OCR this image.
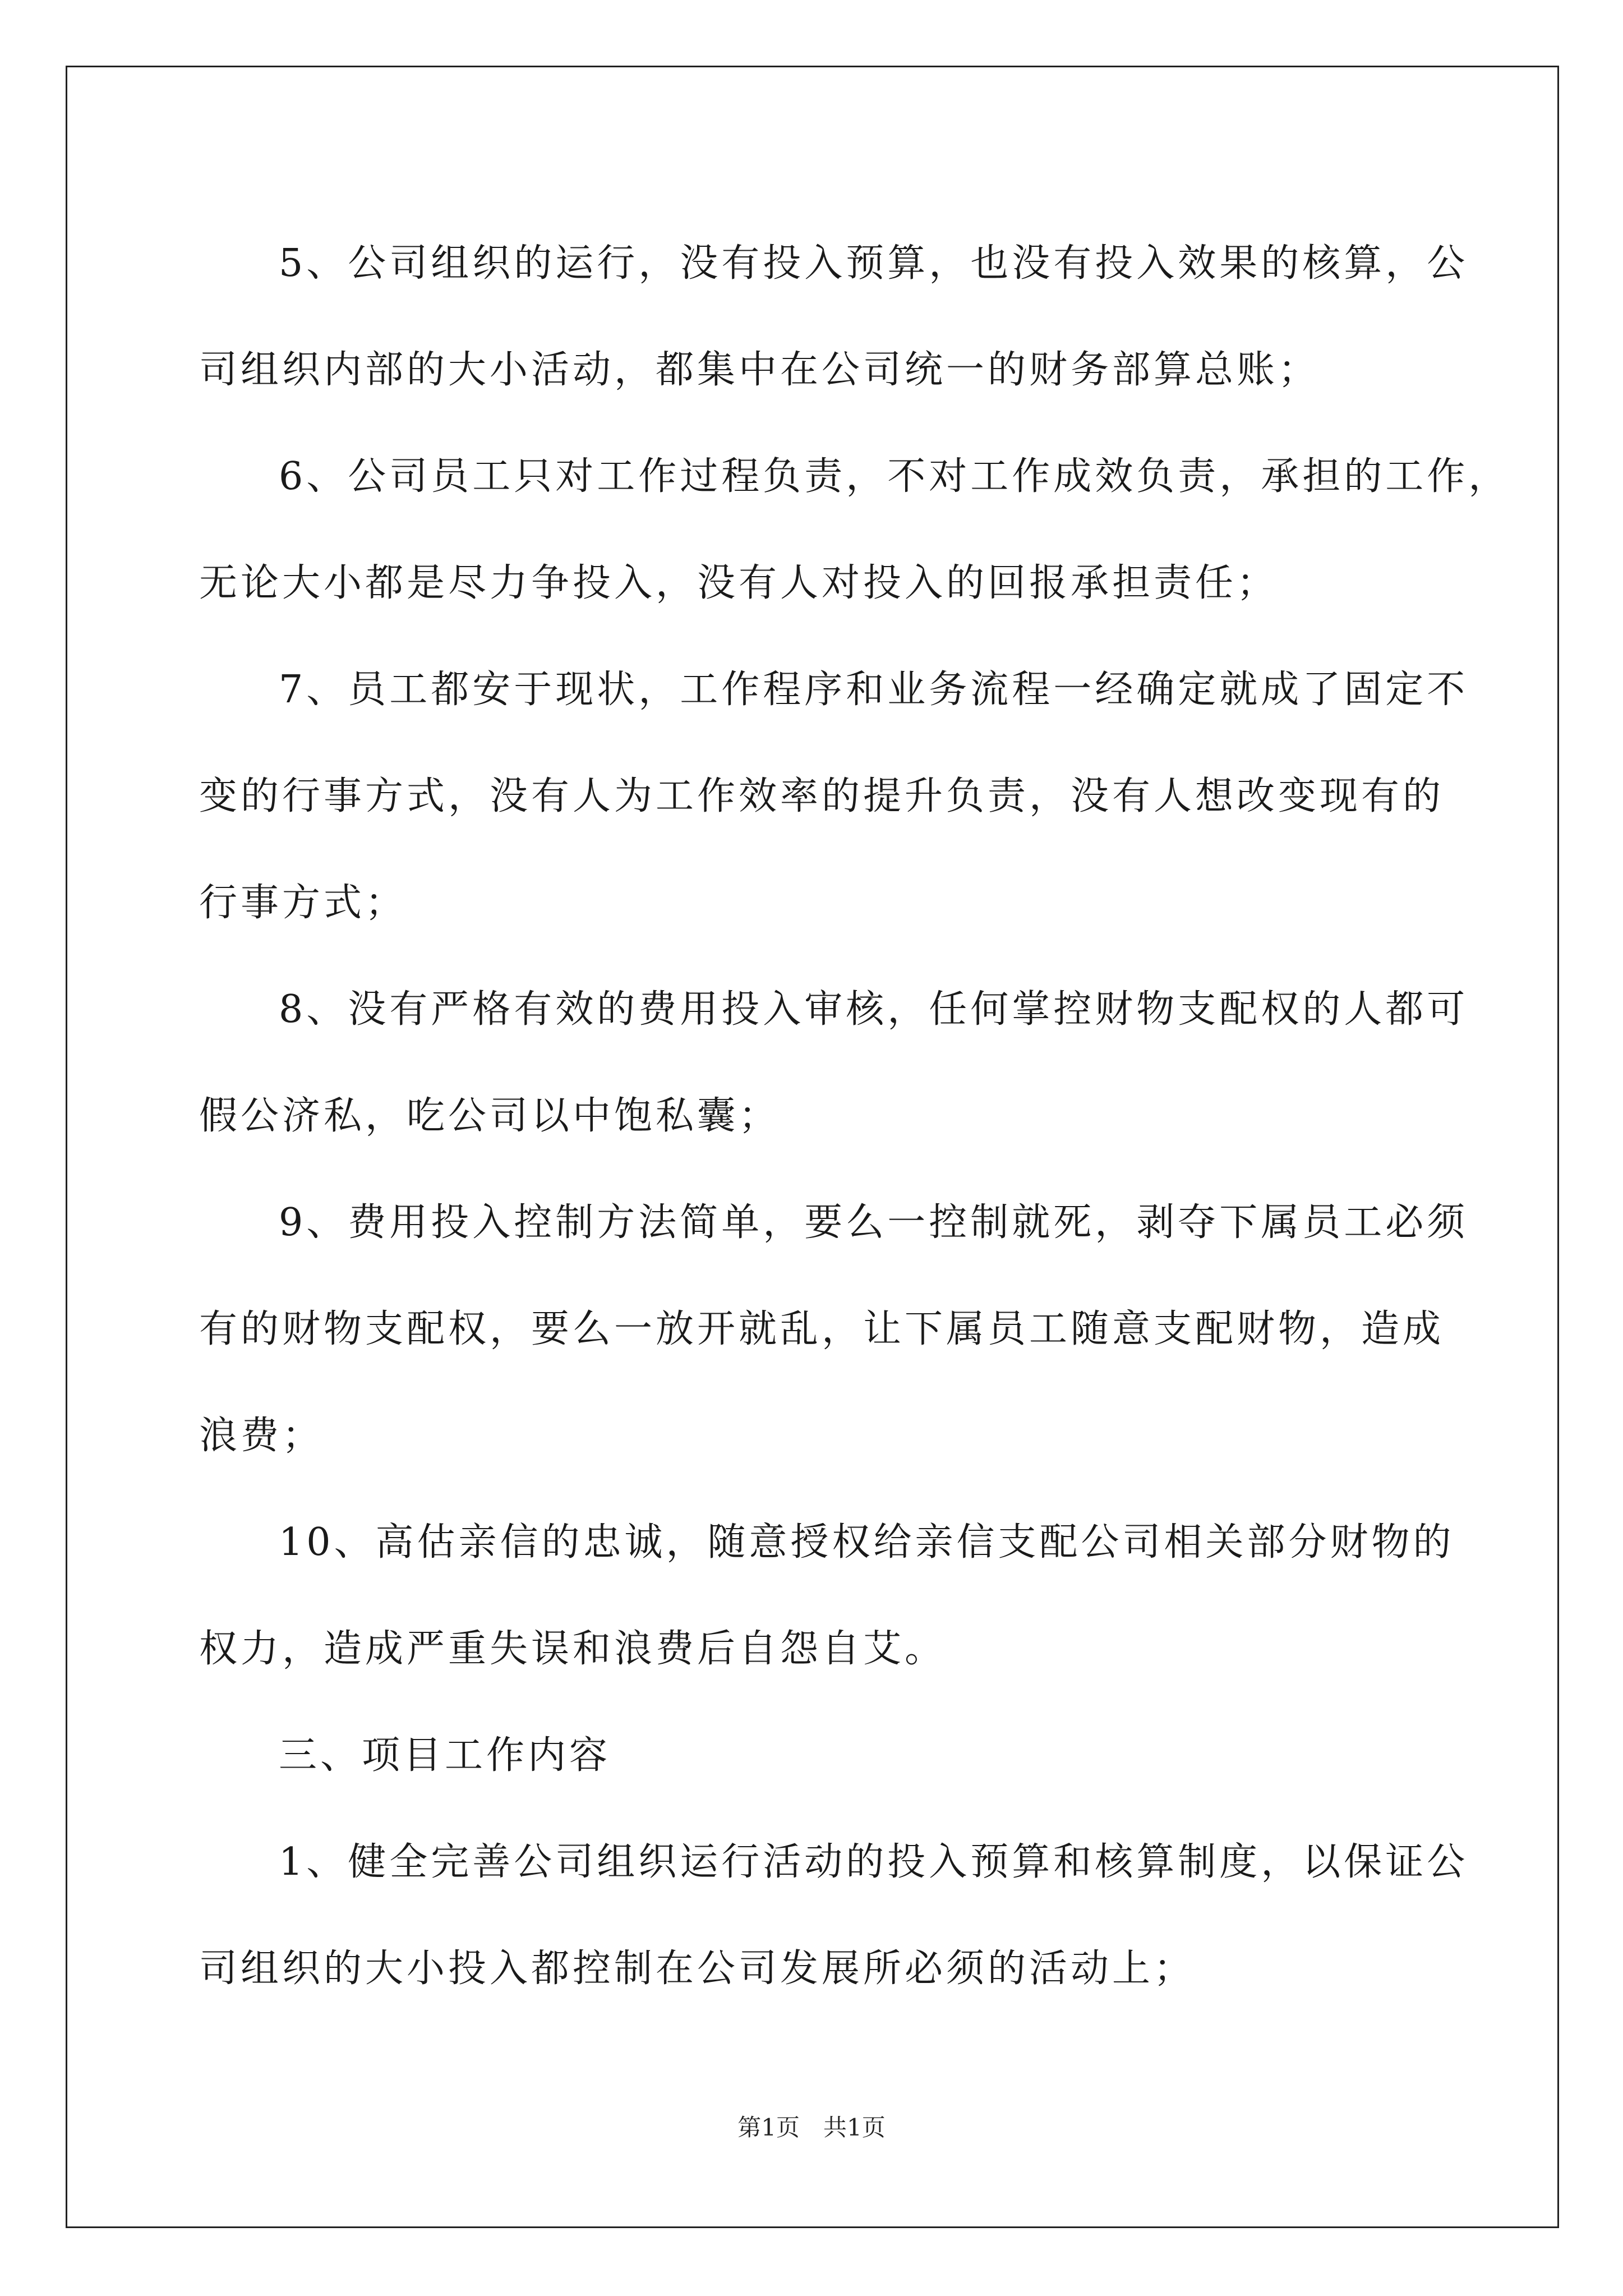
5、公司组织的运行，没有投入预算，也没有投入效果的核算，公
司组织内部的大小活动，都集中在公司统一的财务部算总账；
6、公司员工只对工作过程负责，不对工作成效负责，承担的工作，
无论大小都是尽力争投入，没有人对投入的回报承担责任；
7、员工都安于现状，工作程序和业务流程一经确定就成了固定不
变的行事方式，没有人为工作效率的提升负责，没有人想改变现有的
行事方式；
8、没有严格有效的费用投入审核，任何掌控财物支配权的人都可
假公济私，吃公司以中饱私囊；
9、费用投入控制方法简单，要么一控制就死，剥夺下属员工必须
有的财物支配权，要么一放开就乱，让下属员工随意支配财物，造成
浪费；
10、高估亲信的忠诚，随意授权给亲信支配公司相关部分财物的
权力，造成严重失误和浪费后自怨自艾。
三、项目工作内容
1、健全完善公司组织运行活动的投入预算和核算制度，以保证公
司组织的大小投入都控制在公司发展所必须的活动上；
第1页　共1页
